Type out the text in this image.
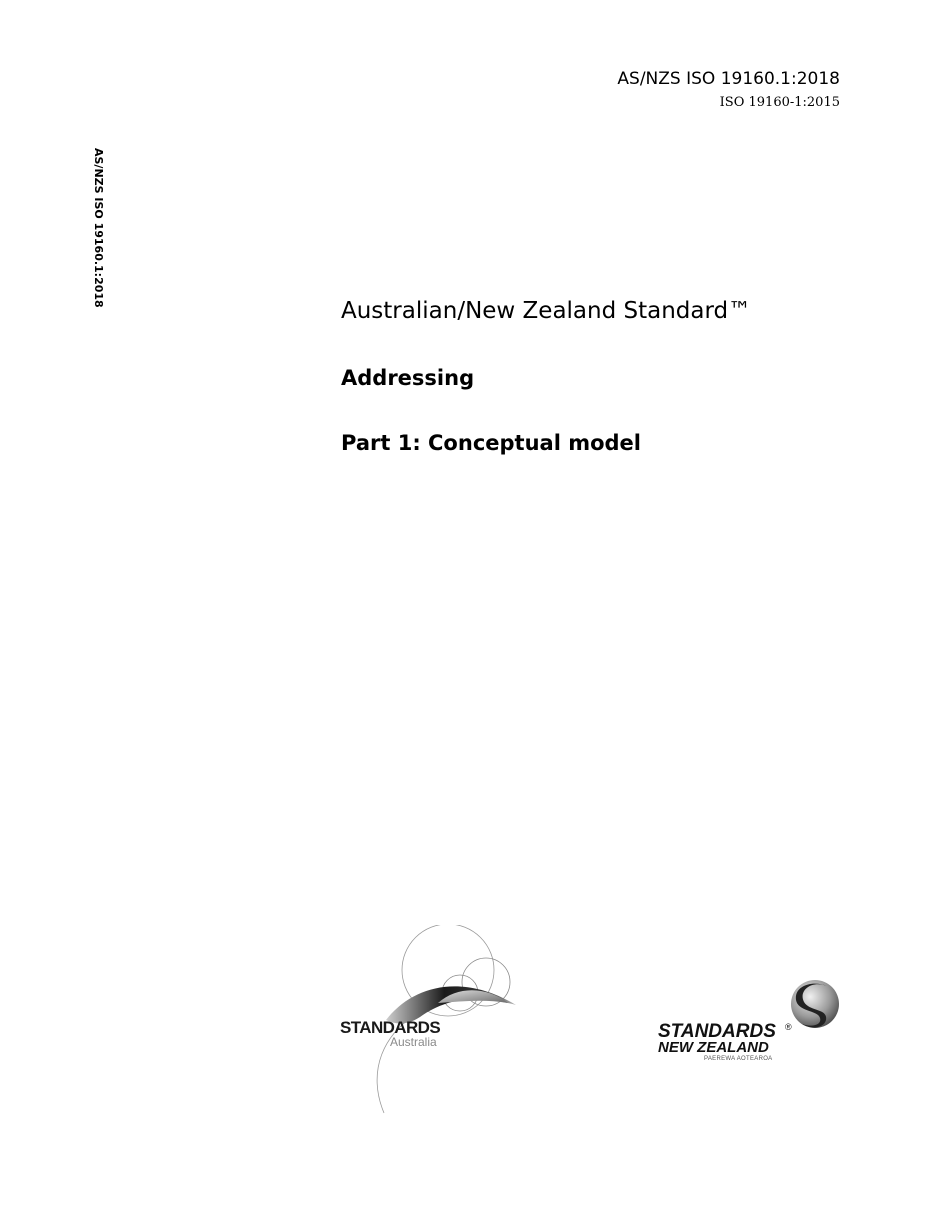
AS/NZS ISO 19160.1:2018
ISO 19160-1:2015
AS/NZS ISO 19160.1:2018
Australian/New Zealand Standard™
Addressing
Part 1: Conceptual model
STANDARDS
Australia	STANDARDS ®
NEW ZEALAND
PAEREWA AOTEAROA
